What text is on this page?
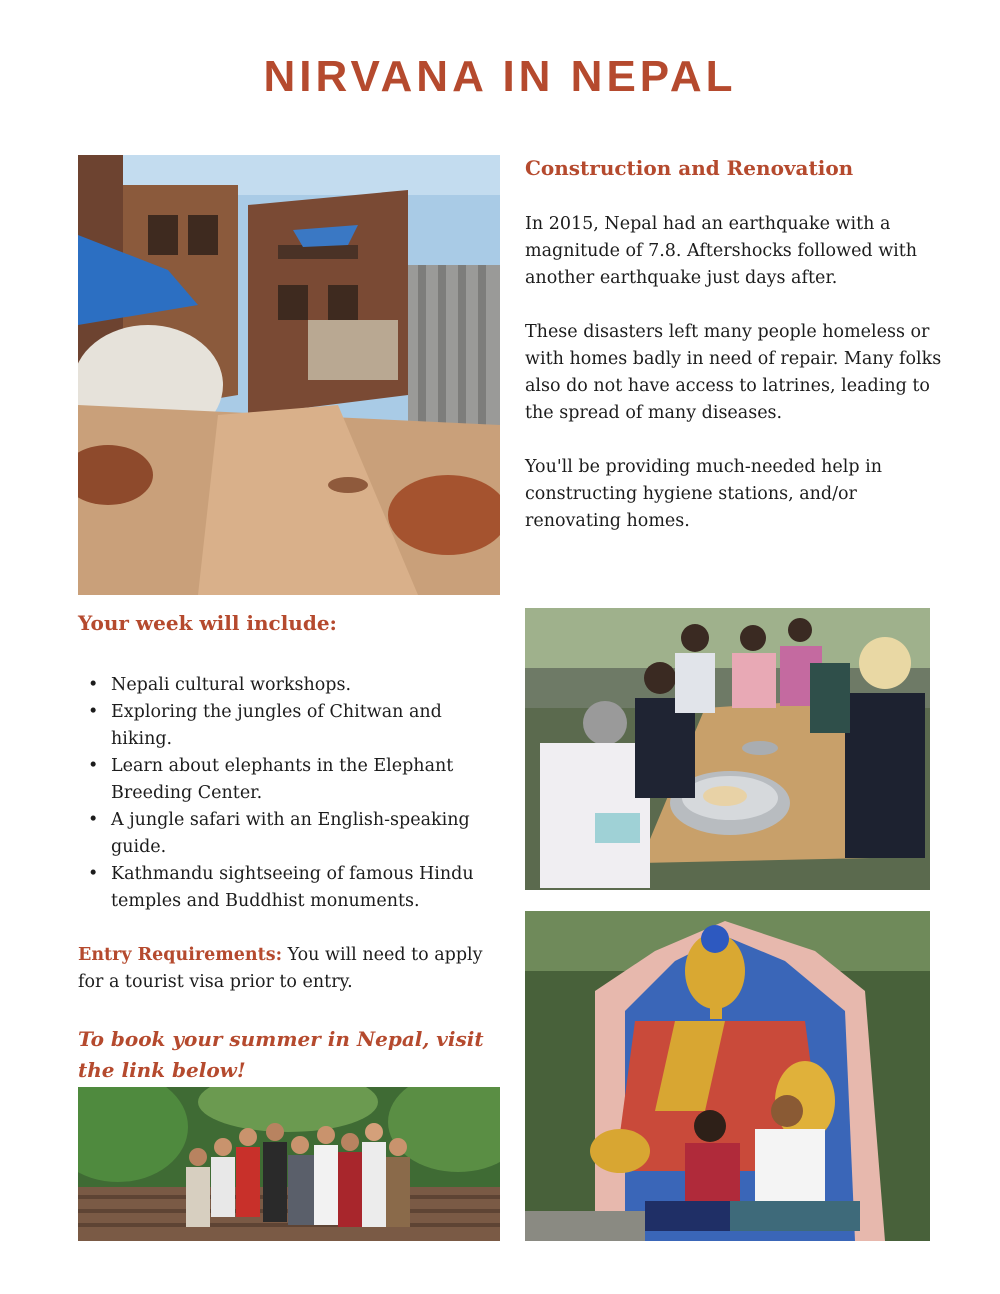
NIRVANA IN NEPAL
Construction and Renovation

In 2015, Nepal had an earthquake with a magnitude of 7.8. Aftershocks followed with another earthquake just days after.

These disasters left many people homeless or with homes badly in need of repair. Many folks also do not have access to latrines, leading to the spread of many diseases.

You'll be providing much-needed help in constructing hygiene stations, and/or renovating homes.

Your week will include:
• Nepali cultural workshops.
• Exploring the jungles of Chitwan and hiking.
• Learn about elephants in the Elephant Breeding Center.
• A jungle safari with an English-speaking guide.
• Kathmandu sightseeing of famous Hindu temples and Buddhist monuments.
Entry Requirements: You will need to apply for a tourist visa prior to entry.
To book your summer in Nepal, visit the link below!
